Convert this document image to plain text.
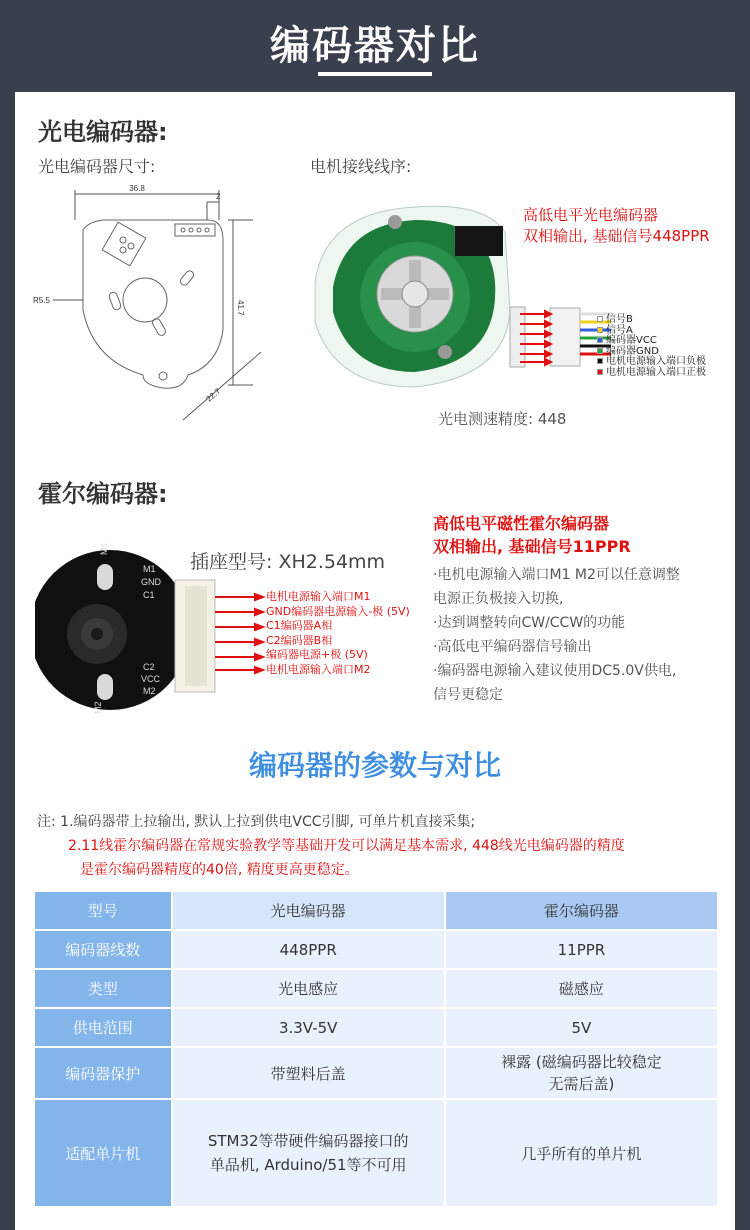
编码器对比
光电编码器:
光电编码器尺寸:	电机接线线序:
36.8
2
R5.5	41.7
22.7
高低电平光电编码器
双相输出, 基础信号448PPR
信号B
信号A
编码器VCC
编码器GND
电机电源输入端口负极
电机电源输入端口正极
光电测速精度: 448
霍尔编码器:
M1
M1
GND
C1
C2
VCC
M2
M2
插座型号: XH2.54mm
电机电源输入端口M1
GND编码器电源输入-极 (5V)
C1编码器A相
C2编码器B相
编码器电源+极 (5V)
电机电源输入端口M2
高低电平磁性霍尔编码器
双相输出, 基础信号11PPR
·电机电源输入端口M1 M2可以任意调整
电源正负极接入切换,
·达到调整转向CW/CCW的功能
·高低电平编码器信号输出
·编码器电源输入建议使用DC5.0V供电,
信号更稳定
编码器的参数与对比
注: 1.编码器带上拉输出, 默认上拉到供电VCC引脚, 可单片机直接采集;
2.11线霍尔编码器在常规实验教学等基础开发可以满足基本需求, 448线光电编码器的精度
是霍尔编码器精度的40倍, 精度更高更稳定。
型号	光电编码器	霍尔编码器
编码器线数	448PPR	11PPR
类型	光电感应	磁感应
供电范围	3.3V-5V	5V
编码器保护	带塑料后盖	裸露 (磁编码器比较稳定
无需后盖)

适配单片机	STM32等带硬件编码器接口的
单品机, Arduino/51等不可用	几乎所有的单片机
